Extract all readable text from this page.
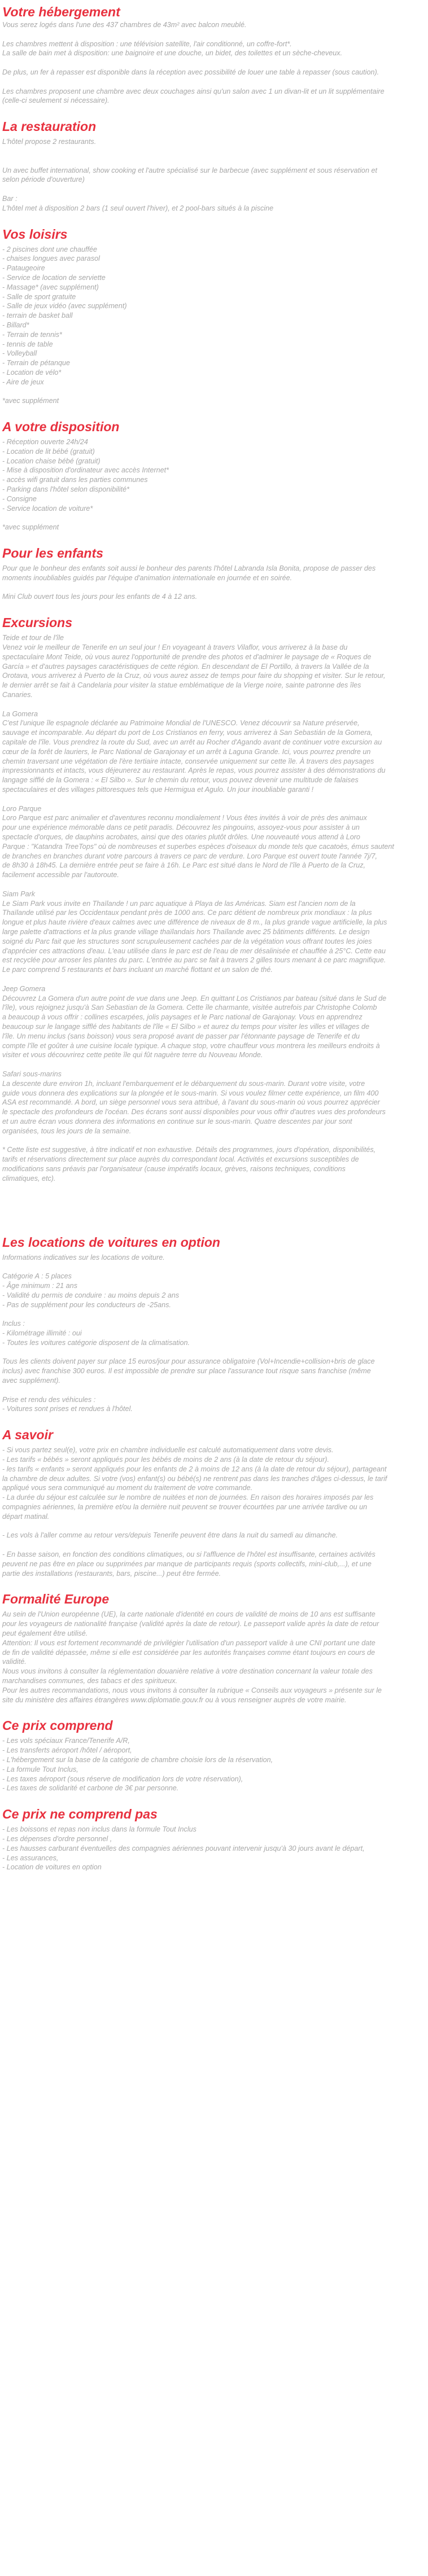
Votre hébergement
Vous serez logés dans l'une des 437 chambres de 43m² avec balcon meublé.

Les chambres mettent à disposition : une télévision satellite, l'air conditionné, un coffre-fort*.
La salle de bain met à disposition: une baignoire et une douche, un bidet, des toilettes et un sèche-cheveux.

De plus, un fer à repasser est disponible dans la réception avec possibilité de louer une table à repasser (sous caution).

Les chambres proposent une chambre avec deux couchages ainsi qu'un salon avec 1 un divan-lit et un lit supplémentaire
(celle-ci seulement si nécessaire).
La restauration
L'hôtel propose 2 restaurants.

Un avec buffet international, show cooking et l'autre spécialisé sur le barbecue (avec supplément et sous réservation et
selon période d'ouverture)

Bar :
L'hôtel met à disposition 2 bars (1 seul ouvert l'hiver), et 2 pool-bars situés à la piscine
Vos loisirs
- 2 piscines dont une chauffée
- chaises longues avec parasol
- Pataugeoire
- Service de location de serviette
- Massage* (avec supplément)
- Salle de sport gratuite
- Salle de jeux vidéo (avec supplément)
- terrain de basket ball
- Billard*
- Terrain de tennis*
- tennis de table
- Volleyball
- Terrain de pétanque
- Location de vélo*
- Aire de jeux

*avec supplément
A votre disposition
- Réception ouverte 24h/24
- Location de lit bébé (gratuit)
- Location chaise bébé (gratuit)
- Mise à disposition d'ordinateur avec accès Internet*
- accès wifi gratuit dans les parties communes
- Parking dans l'hôtel selon disponibilité*
- Consigne
- Service location de voiture*

*avec supplément
Pour les enfants
Pour que le bonheur des enfants soit aussi le bonheur des parents l'hôtel Labranda Isla Bonita, propose de passer des
moments inoubliables guidés par l'équipe d'animation internationale en journée et en soirée.

Mini Club ouvert tous les jours pour les enfants de 4 à 12 ans.
Excursions
Teide et tour de l'île
Venez voir le meilleur de Tenerife en un seul jour ! En voyageant à travers Vilaflor, vous arriverez à la base du
spectaculaire Mont Teide, où vous aurez l'opportunité de prendre des photos et d'admirer le paysage de « Roques de
García » et d'autres paysages caractéristiques de cette région. En descendant de El Portillo, à travers la Vallée de la
Orotava, vous arriverez à Puerto de la Cruz, où vous aurez assez de temps pour faire du shopping et visiter. Sur le retour,
le dernier arrêt se fait à Candelaria pour visiter la statue emblématique de la Vierge noire, sainte patronne des îles
Canaries.

La Gomera
C'est l'unique île espagnole déclarée au Patrimoine Mondial de l'UNESCO. Venez découvrir sa Nature préservée,
sauvage et incomparable. Au départ du port de Los Cristianos en ferry, vous arriverez à San Sebastián de la Gomera,
capitale de l'île. Vous prendrez la route du Sud, avec un arrêt au Rocher d'Agando avant de continuer votre excursion au
cœur de la forêt de lauriers, le Parc National de Garajonay et un arrêt à Laguna Grande. Ici, vous pourrez prendre un
chemin traversant une végétation de l'ère tertiaire intacte, conservée uniquement sur cette île. À travers des paysages
impressionnants et intacts, vous déjeunerez au restaurant. Après le repas, vous pourrez assister à des démonstrations du
langage sifflé de la Gomera : « El Silbo ». Sur le chemin du retour, vous pouvez devenir une multitude de falaises
spectaculaires et des villages pittoresques tels que Hermigua et Agulo. Un jour inoubliable garanti !

Loro Parque
Loro Parque est parc animalier et d'aventures reconnu mondialement ! Vous êtes invités à voir de près des animaux
pour une expérience mémorable dans ce petit paradis. Découvrez les pingouins, assoyez-vous pour assister à un
spectacle d'orques, de dauphins acrobates, ainsi que des otaries plutôt drôles. Une nouveauté vous attend à Loro
Parque : "Katandra TreeTops" où de nombreuses et superbes espèces d'oiseaux du monde tels que cacatoès, émus sautent
de branches en branches durant votre parcours à travers ce parc de verdure. Loro Parque est ouvert toute l'année 7j/7,
de 8h30 à 18h45. La dernière entrée peut se faire à 16h. Le Parc est situé dans le Nord de l'île à Puerto de la Cruz,
facilement accessible par l'autoroute.

Siam Park
Le Siam Park vous invite en Thaïlande ! un parc aquatique à Playa de las Américas. Siam est l'ancien nom de la
Thaïlande utilisé par les Occidentaux pendant près de 1000 ans. Ce parc détient de nombreux prix mondiaux : la plus
longue et plus haute rivière d'eaux calmes avec une différence de niveaux de 8 m., la plus grande vague artificielle, la plus
large palette d'attractions et la plus grande village thaïlandais hors Thaïlande avec 25 bâtiments différents. Le design
soigné du Parc fait que les structures sont scrupuleusement cachées par de la végétation vous offrant toutes les joies
d'apprécier ces attractions d'eau. L'eau utilisée dans le parc est de l'eau de mer désalinisée et chauffée à 25°C. Cette eau
est recyclée pour arroser les plantes du parc. L'entrée au parc se fait à travers 2 gilles tours menant à ce parc magnifique.
Le parc comprend 5 restaurants et bars incluant un marché flottant et un salon de thé.

Jeep Gomera
Découvrez La Gomera d'un autre point de vue dans une Jeep. En quittant Los Cristianos par bateau (situé dans le Sud de
l'île), vous rejoignez jusqu'à San Sebastian de la Gomera. Cette île charmante, visitée autrefois par Christophe Colomb
a beaucoup à vous offrir : collines escarpées, jolis paysages et le Parc national de Garajonay. Vous en apprendrez
beaucoup sur le langage sifflé des habitants de l'île « El Silbo » et aurez du temps pour visiter les villes et villages de
l'île. Un menu inclus (sans boisson) vous sera proposé avant de passer par l'étonnante paysage de Tenerife et du
compte l'île et goûter à une cuisine locale typique. A chaque stop, votre chauffeur vous montrera les meilleurs endroits à
visiter et vous découvrirez cette petite île qui fût naguère terre du Nouveau Monde.

Safari sous-marins
La descente dure environ 1h, incluant l'embarquement et le débarquement du sous-marin. Durant votre visite, votre
guide vous donnera des explications sur la plongée et le sous-marin. Si vous voulez filmer cette expérience, un film 400
ASA est recommandé. A bord, un siège personnel vous sera attribué, à l'avant du sous-marin où vous pourrez apprécier
le spectacle des profondeurs de l'océan. Des écrans sont aussi disponibles pour vous offrir d'autres vues des profondeurs
et un autre écran vous donnera des informations en continue sur le sous-marin. Quatre descentes par jour sont
organisées, tous les jours de la semaine.

* Cette liste est suggestive, à titre indicatif et non exhaustive. Détails des programmes, jours d'opération, disponibilités,
tarifs et réservations directement sur place auprès du correspondant local. Activités et excursions susceptibles de
modifications sans préavis par l'organisateur (cause impératifs locaux, grèves, raisons techniques, conditions
climatiques, etc).

Les locations de voitures en option
Informations indicatives sur les locations de voiture.

Catégorie A : 5 places
- Âge minimum : 21 ans
- Validité du permis de conduire : au moins depuis 2 ans
- Pas de supplément pour les conducteurs de -25ans.

Inclus :
- Kilométrage illimité : oui
- Toutes les voitures catégorie disposent de la climatisation.

Tous les clients doivent payer sur place 15 euros/jour pour assurance obligatoire (Vol+Incendie+collision+bris de glace
inclus) avec franchise 300 euros. Il est impossible de prendre sur place l'assurance tout risque sans franchise (même
avec supplément).

Prise et rendu des véhicules :
- Voitures sont prises et rendues à l'hôtel.
A savoir
- Si vous partez seul(e), votre prix en chambre individuelle est calculé automatiquement dans votre devis.
- Les tarifs « bébés » seront appliqués pour les bébés de moins de 2 ans (à la date de retour du séjour).
- les tarifs « enfants » seront appliqués pour les enfants de 2 à moins de 12 ans (à la date de retour du séjour), partageant
la chambre de deux adultes. Si votre (vos) enfant(s) ou bébé(s) ne rentrent pas dans les tranches d'âges ci-dessus, le tarif
appliqué vous sera communiqué au moment du traitement de votre commande.
- La durée du séjour est calculée sur le nombre de nuitées et non de journées. En raison des horaires imposés par les
compagnies aériennes, la première et/ou la dernière nuit peuvent se trouver écourtées par une arrivée tardive ou un
départ matinal.

- Les vols à l'aller comme au retour vers/depuis Tenerife peuvent être dans la nuit du samedi au dimanche.

- En basse saison, en fonction des conditions climatiques, ou si l'affluence de l'hôtel est insuffisante, certaines activités
peuvent ne pas être en place ou supprimées par manque de participants requis (sports collectifs, mini-club,...), et une
partie des installations (restaurants, bars, piscine...) peut être fermée.
Formalité Europe
Au sein de l'Union européenne (UE), la carte nationale d'identité en cours de validité de moins de 10 ans est suffisante
pour les voyageurs de nationalité française (validité après la date de retour). Le passeport valide après la date de retour
peut également être utilisé.
Attention: Il vous est fortement recommandé de privilégier l'utilisation d'un passeport valide à une CNI portant une date
de fin de validité dépassée, même si elle est considérée par les autorités françaises comme étant toujours en cours de
validité.
Nous vous invitons à consulter la réglementation douanière relative à votre destination concernant la valeur totale des
marchandises communes, des tabacs et des spiritueux.
Pour les autres recommandations, nous vous invitons à consulter la rubrique « Conseils aux voyageurs » présente sur le
site du ministère des affaires étrangères www.diplomatie.gouv.fr ou à vous renseigner auprès de votre mairie.
Ce prix comprend
- Les vols spéciaux France/Tenerife A/R,
- Les transferts aéroport /hôtel / aéroport,
- L'hébergement sur la base de la catégorie de chambre choisie lors de la réservation,
- La formule Tout Inclus,
- Les taxes aéroport (sous réserve de modification lors de votre réservation),
- Les taxes de solidarité et carbone de 3€ par personne.
Ce prix ne comprend pas
- Les boissons et repas non inclus dans la formule Tout Inclus
- Les dépenses d'ordre personnel ,
- Les hausses carburant éventuelles des compagnies aériennes pouvant intervenir jusqu'à 30 jours avant le départ,
- Les assurances,
- Location de voitures en option
